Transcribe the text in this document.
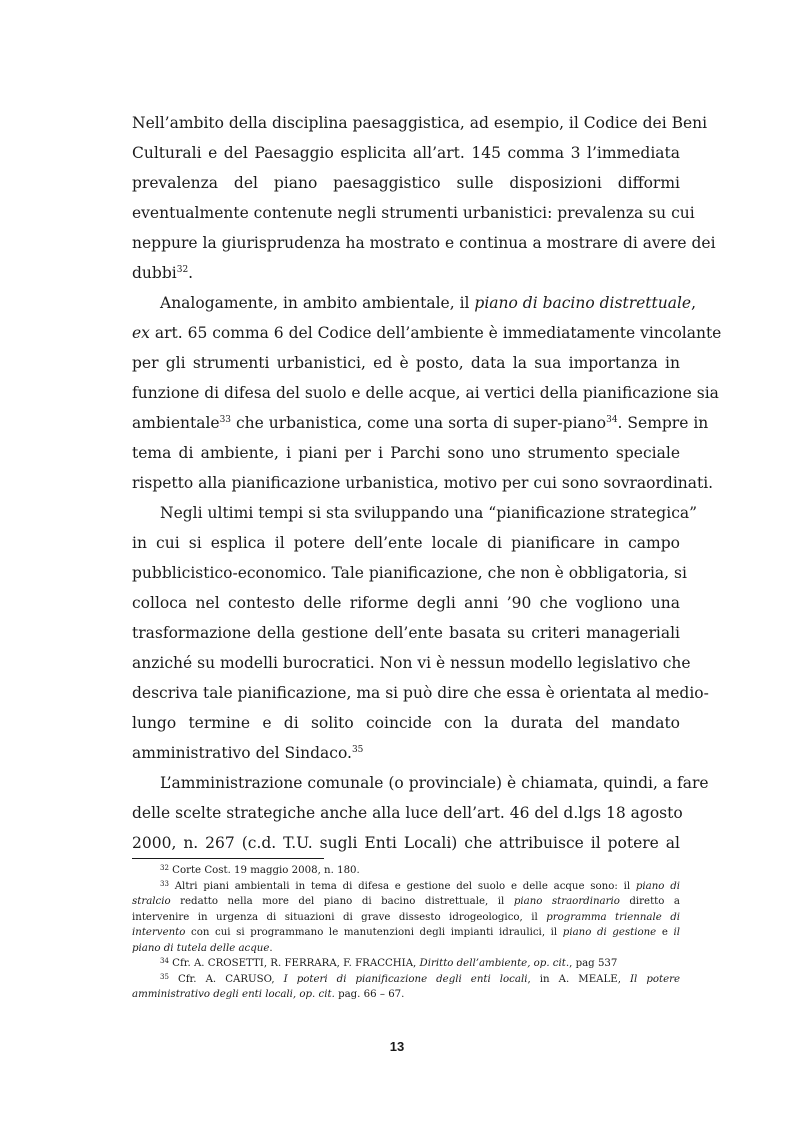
Nell’ambito della disciplina paesaggistica, ad esempio, il Codice dei Beni
Culturali e del Paesaggio esplicita all’art. 145 comma 3 l’immediata
prevalenza del piano paesaggistico sulle disposizioni difformi
eventualmente contenute negli strumenti urbanistici: prevalenza su cui
neppure la giurisprudenza ha mostrato e continua a mostrare di avere dei
dubbi$^{32}$.
Analogamente, in ambito ambientale, il piano di bacino distrettuale,
ex art. 65 comma 6 del Codice dell’ambiente è immediatamente vincolante
per gli strumenti urbanistici, ed è posto, data la sua importanza in
funzione di difesa del suolo e delle acque, ai vertici della pianificazione sia
ambientale$^{33}$ che urbanistica, come una sorta di super-piano$^{34}$. Sempre in
tema di ambiente, i piani per i Parchi sono uno strumento speciale
rispetto alla pianificazione urbanistica, motivo per cui sono sovraordinati.
Negli ultimi tempi si sta sviluppando una “pianificazione strategica”
in cui si esplica il potere dell’ente locale di pianificare in campo
pubblicistico-economico. Tale pianificazione, che non è obbligatoria, si
colloca nel contesto delle riforme degli anni ’90 che vogliono una
trasformazione della gestione dell’ente basata su criteri manageriali
anziché su modelli burocratici. Non vi è nessun modello legislativo che
descriva tale pianificazione, ma si può dire che essa è orientata al medio-
lungo termine e di solito coincide con la durata del mandato
amministrativo del Sindaco.$^{35}$
L’amministrazione comunale (o provinciale) è chiamata, quindi, a fare
delle scelte strategiche anche alla luce dell’art. 46 del d.lgs 18 agosto
2000, n. 267 (c.d. T.U. sugli Enti Locali) che attribuisce il potere al
$^{32}$ Corte Cost. 19 maggio 2008, n. 180.
$^{33}$ Altri piani ambientali in tema di difesa e gestione del suolo e delle acque sono: il piano di
stralcio redatto nella more del piano di bacino distrettuale, il piano straordinario diretto a
intervenire in urgenza di situazioni di grave dissesto idrogeologico, il programma triennale di
intervento con cui si programmano le manutenzioni degli impianti idraulici, il piano di gestione e il
piano di tutela delle acque.
$^{34}$ Cfr. A. CROSETTI, R. FERRARA, F. FRACCHIA, Diritto dell’ambiente, op. cit., pag 537
$^{35}$ Cfr. A. CARUSO, I poteri di pianificazione degli enti locali, in A. MEALE, Il potere
amministrativo degli enti locali, op. cit. pag. 66 – 67.
13
